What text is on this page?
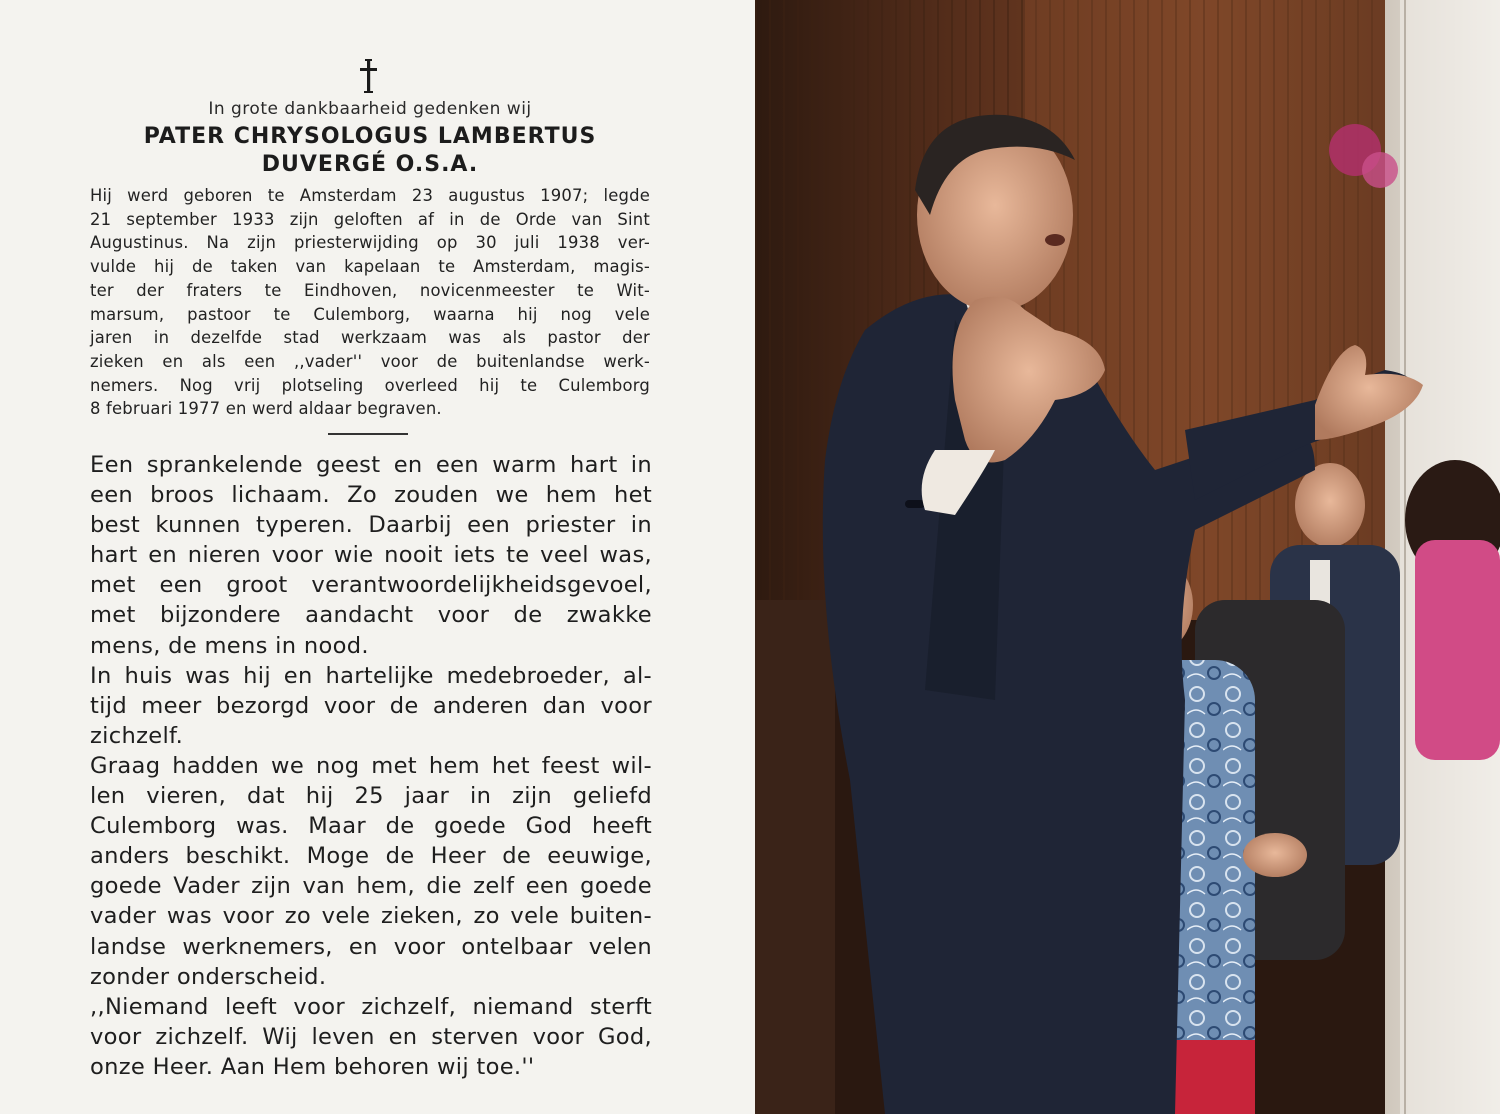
In grote dankbaarheid gedenken wij
PATER CHRYSOLOGUS LAMBERTUS
DUVERGÉ O.S.A.
Hij werd geboren te Amsterdam 23 augustus 1907; legde
21 september 1933 zijn geloften af in de Orde van Sint
Augustinus. Na zijn priesterwijding op 30 juli 1938 ver-
vulde hij de taken van kapelaan te Amsterdam, magis-
ter der fraters te Eindhoven, novicenmeester te Wit-
marsum, pastoor te Culemborg, waarna hij nog vele
jaren in dezelfde stad werkzaam was als pastor der
zieken en als een ,,vader'' voor de buitenlandse werk-
nemers. Nog vrij plotseling overleed hij te Culemborg
8 februari 1977 en werd aldaar begraven.
Een sprankelende geest en een warm hart in
een broos lichaam. Zo zouden we hem het
best kunnen typeren. Daarbij een priester in
hart en nieren voor wie nooit iets te veel was,
met een groot verantwoordelijkheidsgevoel,
met bijzondere aandacht voor de zwakke
mens, de mens in nood.
In huis was hij en hartelijke medebroeder, al-
tijd meer bezorgd voor de anderen dan voor
zichzelf.
Graag hadden we nog met hem het feest wil-
len vieren, dat hij 25 jaar in zijn geliefd
Culemborg was. Maar de goede God heeft
anders beschikt. Moge de Heer de eeuwige,
goede Vader zijn van hem, die zelf een goede
vader was voor zo vele zieken, zo vele buiten-
landse werknemers, en voor ontelbaar velen
zonder onderscheid.
,,Niemand leeft voor zichzelf, niemand sterft
voor zichzelf. Wij leven en sterven voor God,
onze Heer. Aan Hem behoren wij toe.''
